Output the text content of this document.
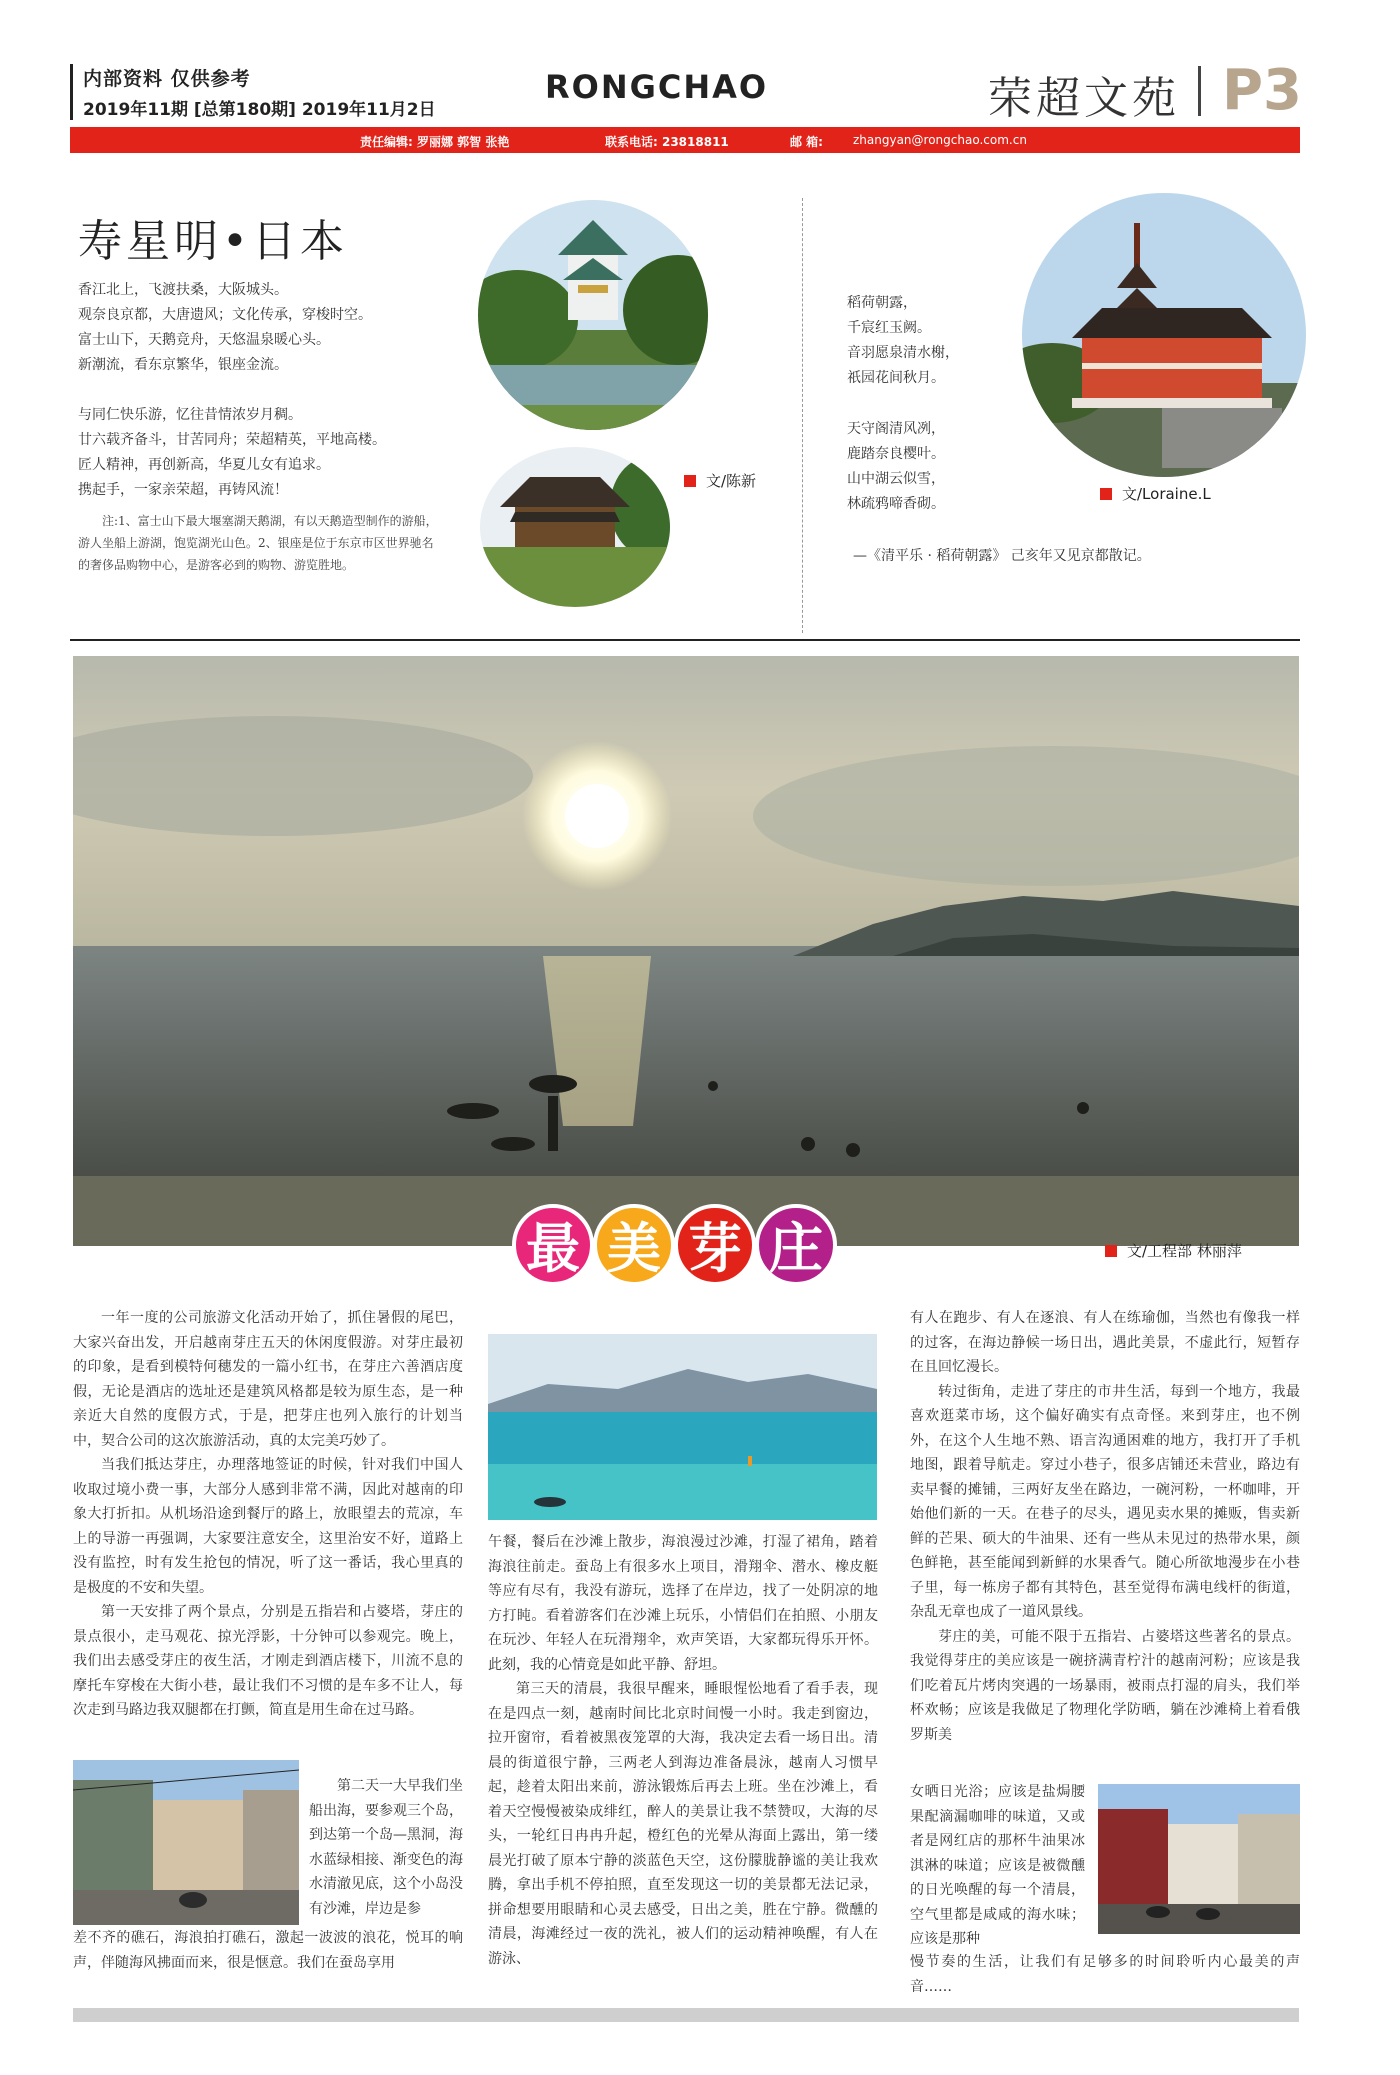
内部资料 仅供参考
2019年11期 [总第180期] 2019年11月2日
RONGCHAO	荣超文苑 P3
责任编辑: 罗丽娜 郭智 张艳	联系电话: 23818811	邮 箱:	zhangyan@rongchao.com.cn
寿星明•日本
香江北上，飞渡扶桑，大阪城头。
观奈良京都，大唐遗风；文化传承，穿梭时空。
富士山下，天鹅竞舟，天悠温泉暖心头。
新潮流，看东京繁华，银座金流。
与同仁快乐游，忆往昔情浓岁月稠。
廿六载齐备斗，甘苦同舟；荣超精英，平地高楼。
匠人精神，再创新高，华夏儿女有追求。
携起手，一家亲荣超，再铸风流！
注:1、富士山下最大堰塞湖天鹅湖，有以天鹅造型制作的游船，游人坐船上游湖，饱览湖光山色。2、银座是位于东京市区世界驰名的奢侈品购物中心，是游客必到的购物、游览胜地。
文/陈新
稻荷朝露，
千宸红玉阙。
音羽愿泉清水榭，
祇园花间秋月。
天守阁清风冽，
鹿踏奈良樱叶。
山中湖云似雪，
林疏鸦啼香砌。
文/Loraine.L
—《清平乐 · 稻荷朝露》 己亥年又见京都散记。
最 美 芽 庄	文/工程部 林丽萍

一年一度的公司旅游文化活动开始了，抓住暑假的尾巴，大家兴奋出发，开启越南芽庄五天的休闲度假游。对芽庄最初的印象，是看到模特何穗发的一篇小红书，在芽庄六善酒店度假，无论是酒店的选址还是建筑风格都是较为原生态，是一种亲近大自然的度假方式，于是，把芽庄也列入旅行的计划当中，契合公司的这次旅游活动，真的太完美巧妙了。

当我们抵达芽庄，办理落地签证的时候，针对我们中国人收取过境小费一事，大部分人感到非常不满，因此对越南的印象大打折扣。从机场沿途到餐厅的路上，放眼望去的荒凉，车上的导游一再强调，大家要注意安全，这里治安不好，道路上没有监控，时有发生抢包的情况，听了这一番话，我心里真的是极度的不安和失望。

第一天安排了两个景点，分别是五指岩和占婆塔，芽庄的景点很小，走马观花、掠光浮影，十分钟可以参观完。晚上，我们出去感受芽庄的夜生活，才刚走到酒店楼下，川流不息的摩托车穿梭在大街小巷，最让我们不习惯的是车多不让人，每次走到马路边我双腿都在打颤，简直是用生命在过马路。

第二天一大早我们坐船出海，要参观三个岛，到达第一个岛—黑洞，海水蓝绿相接、渐变色的海水清澈见底，这个小岛没有沙滩，岸边是参

差不齐的礁石，海浪拍打礁石，激起一波波的浪花，悦耳的响声，伴随海风拂面而来，很是惬意。我们在蚕岛享用

午餐，餐后在沙滩上散步，海浪漫过沙滩，打湿了裙角，踏着海浪往前走。蚕岛上有很多水上项目，滑翔伞、潜水、橡皮艇等应有尽有，我没有游玩，选择了在岸边，找了一处阴凉的地方打盹。看着游客们在沙滩上玩乐，小情侣们在拍照、小朋友在玩沙、年轻人在玩滑翔伞，欢声笑语，大家都玩得乐开怀。此刻，我的心情竟是如此平静、舒坦。

第三天的清晨，我很早醒来，睡眼惺忪地看了看手表，现在是四点一刻，越南时间比北京时间慢一小时。我走到窗边，拉开窗帘，看着被黑夜笼罩的大海，我决定去看一场日出。清晨的街道很宁静，三两老人到海边准备晨泳，越南人习惯早起，趁着太阳出来前，游泳锻炼后再去上班。坐在沙滩上，看着天空慢慢被染成绯红，醉人的美景让我不禁赞叹，大海的尽头，一轮红日冉冉升起，橙红色的光晕从海面上露出，第一缕晨光打破了原本宁静的淡蓝色天空，这份朦胧静谧的美让我欢腾，拿出手机不停拍照，直至发现这一切的美景都无法记录，拼命想要用眼睛和心灵去感受，日出之美，胜在宁静。微醺的清晨，海滩经过一夜的洗礼，被人们的运动精神唤醒，有人在游泳、

有人在跑步、有人在逐浪、有人在练瑜伽，当然也有像我一样的过客，在海边静候一场日出，遇此美景，不虚此行，短暂存在且回忆漫长。

转过街角，走进了芽庄的市井生活，每到一个地方，我最喜欢逛菜市场，这个偏好确实有点奇怪。来到芽庄，也不例外，在这个人生地不熟、语言沟通困难的地方，我打开了手机地图，跟着导航走。穿过小巷子，很多店铺还未营业，路边有卖早餐的摊铺，三两好友坐在路边，一碗河粉，一杯咖啡，开始他们新的一天。在巷子的尽头，遇见卖水果的摊贩，售卖新鲜的芒果、硕大的牛油果、还有一些从未见过的热带水果，颜色鲜艳，甚至能闻到新鲜的水果香气。随心所欲地漫步在小巷子里，每一栋房子都有其特色，甚至觉得布满电线杆的街道，杂乱无章也成了一道风景线。

芽庄的美，可能不限于五指岩、占婆塔这些著名的景点。我觉得芽庄的美应该是一碗挤满青柠汁的越南河粉；应该是我们吃着瓦片烤肉突遇的一场暴雨，被雨点打湿的肩头，我们举杯欢畅；应该是我做足了物理化学防晒，躺在沙滩椅上着看俄罗斯美

女晒日光浴；应该是盐焗腰果配滴漏咖啡的味道，又或者是网红店的那杯牛油果冰淇淋的味道；应该是被微醺的日光唤醒的每一个清晨，空气里都是咸咸的海水味；应该是那种

慢节奏的生活，让我们有足够多的时间聆听内心最美的声音……
